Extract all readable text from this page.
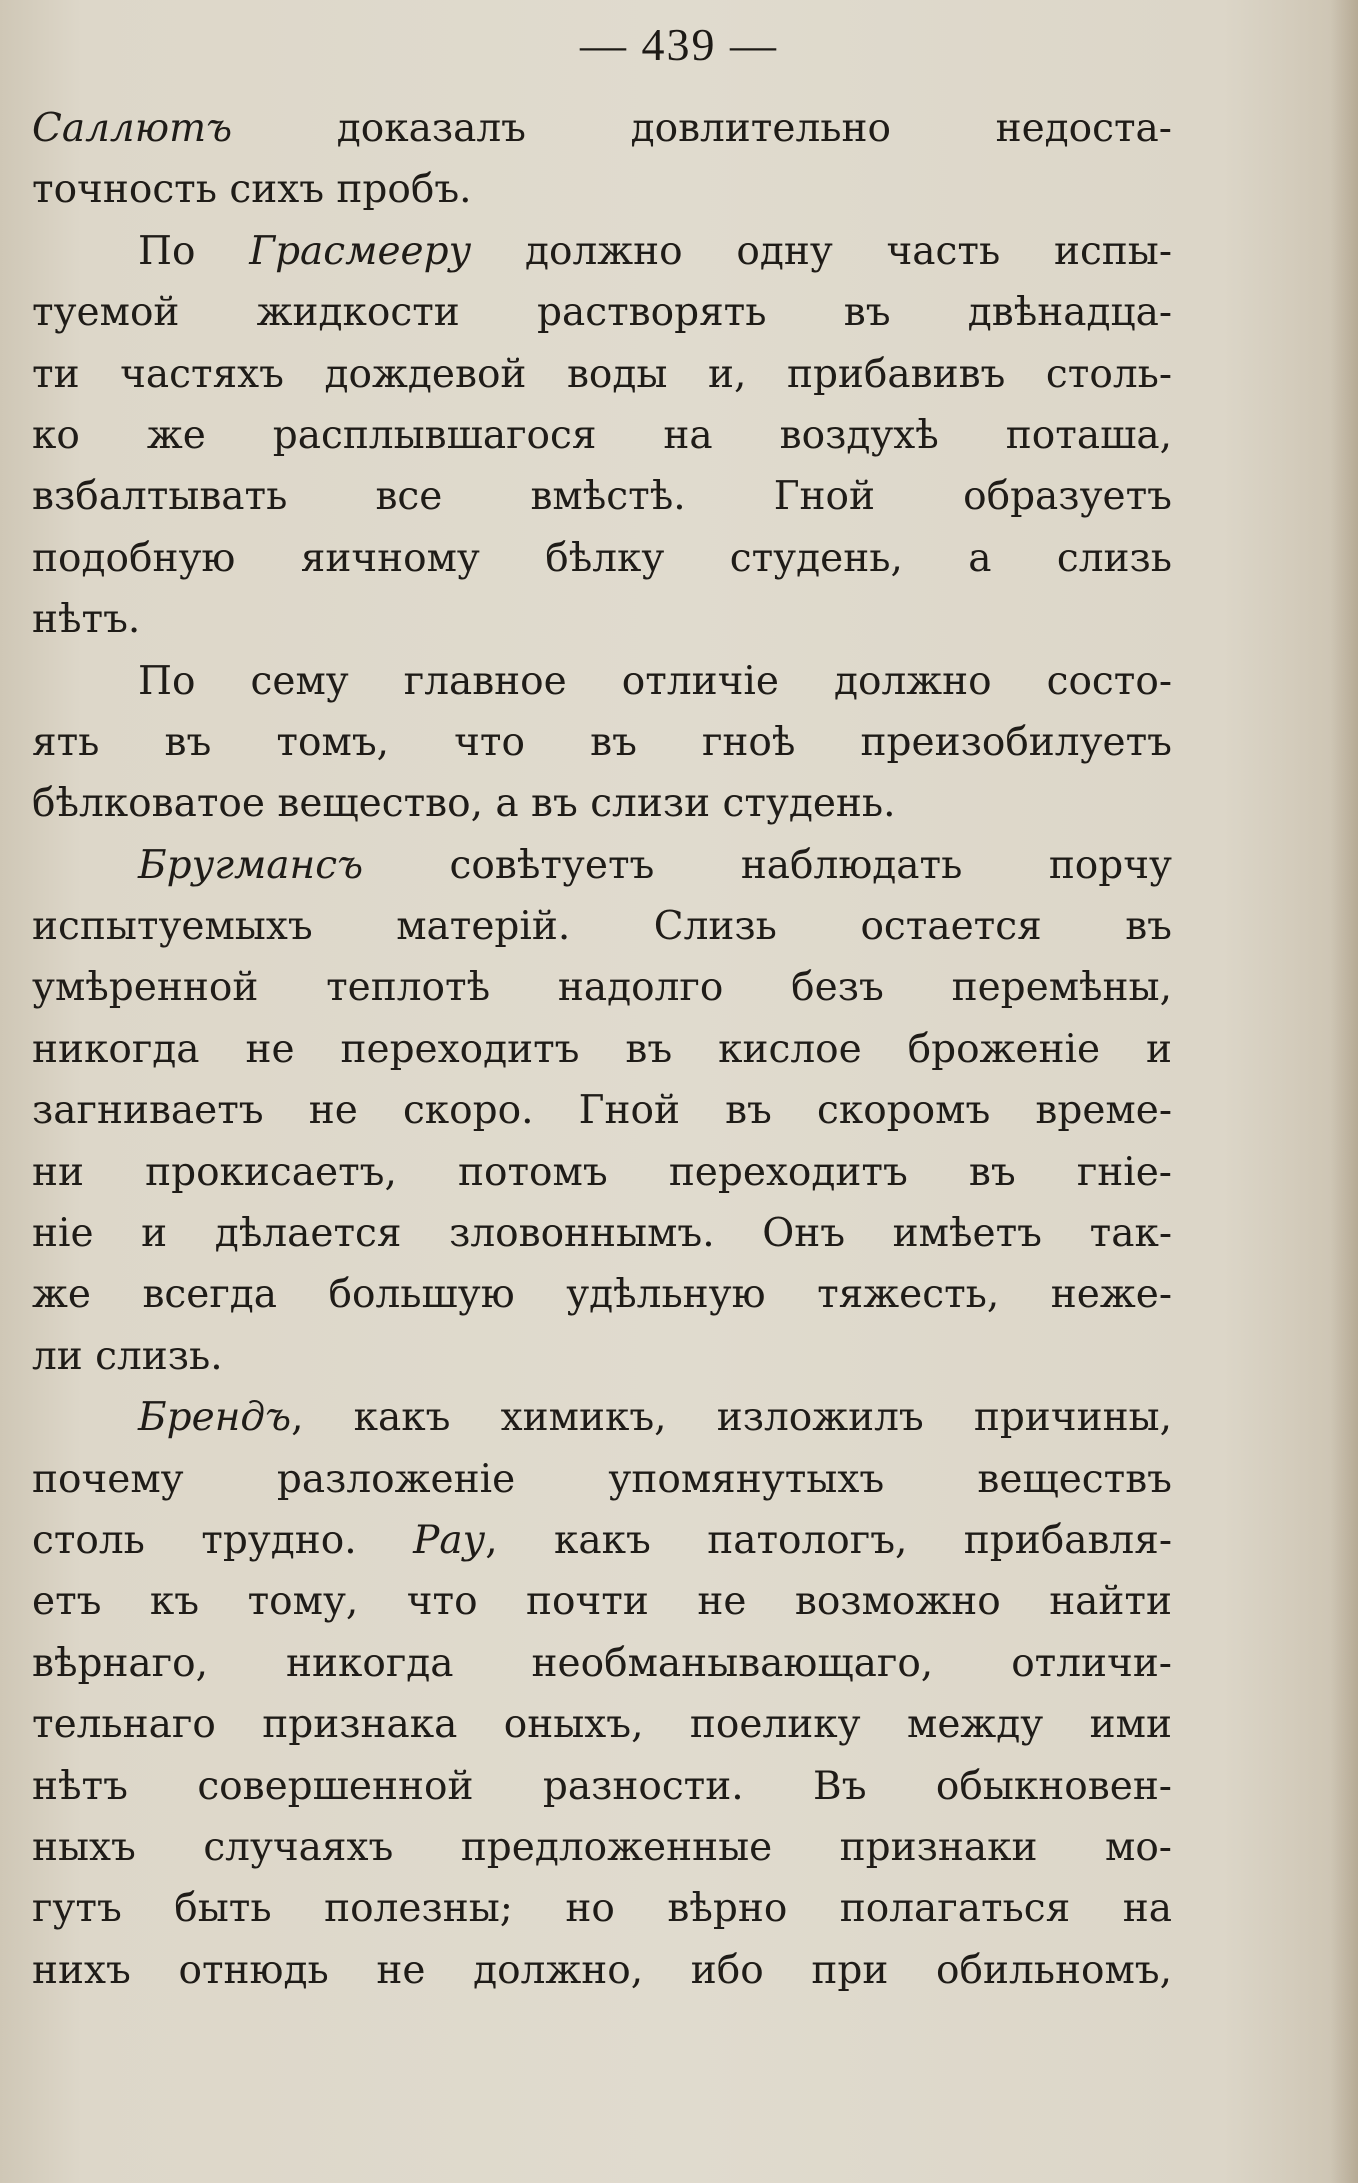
— 439 —
Саллютъ доказалъ довлительно недоста-
точность сихъ пробъ.
По Грасмееру должно одну часть испы-
туемой жидкости растворять въ двѣнадца-
ти частяхъ дождевой воды и, прибавивъ столь-
ко же расплывшагося на воздухѣ поташа,
взбалтывать все вмѣстѣ. Гной образуетъ
подобную яичному бѣлку студень, а слизь
нѣтъ.
По сему главное отличіе должно состо-
ять въ томъ, что въ гноѣ преизобилуетъ
бѣлковатое вещество, а въ слизи студень.
Бругмансъ совѣтуетъ наблюдать порчу
испытуемыхъ матерій. Слизь остается въ
умѣренной теплотѣ надолго безъ перемѣны,
никогда не переходитъ въ кислое броженіе и
загниваетъ не скоро. Гной въ скоромъ време-
ни прокисаетъ, потомъ переходитъ въ гніе-
ніе и дѣлается зловоннымъ. Онъ имѣетъ так-
же всегда большую удѣльную тяжесть, неже-
ли слизь.
Брендъ, какъ химикъ, изложилъ причины,
почему разложеніе упомянутыхъ веществъ
столь трудно. Рау, какъ патологъ, прибавля-
етъ къ тому, что почти не возможно найти
вѣрнаго, никогда необманывающаго, отличи-
тельнаго признака оныхъ, поелику между ими
нѣтъ совершенной разности. Въ обыкновен-
ныхъ случаяхъ предложенные признаки мо-
гутъ быть полезны; но вѣрно полагаться на
нихъ отнюдь не должно, ибо при обильномъ,
